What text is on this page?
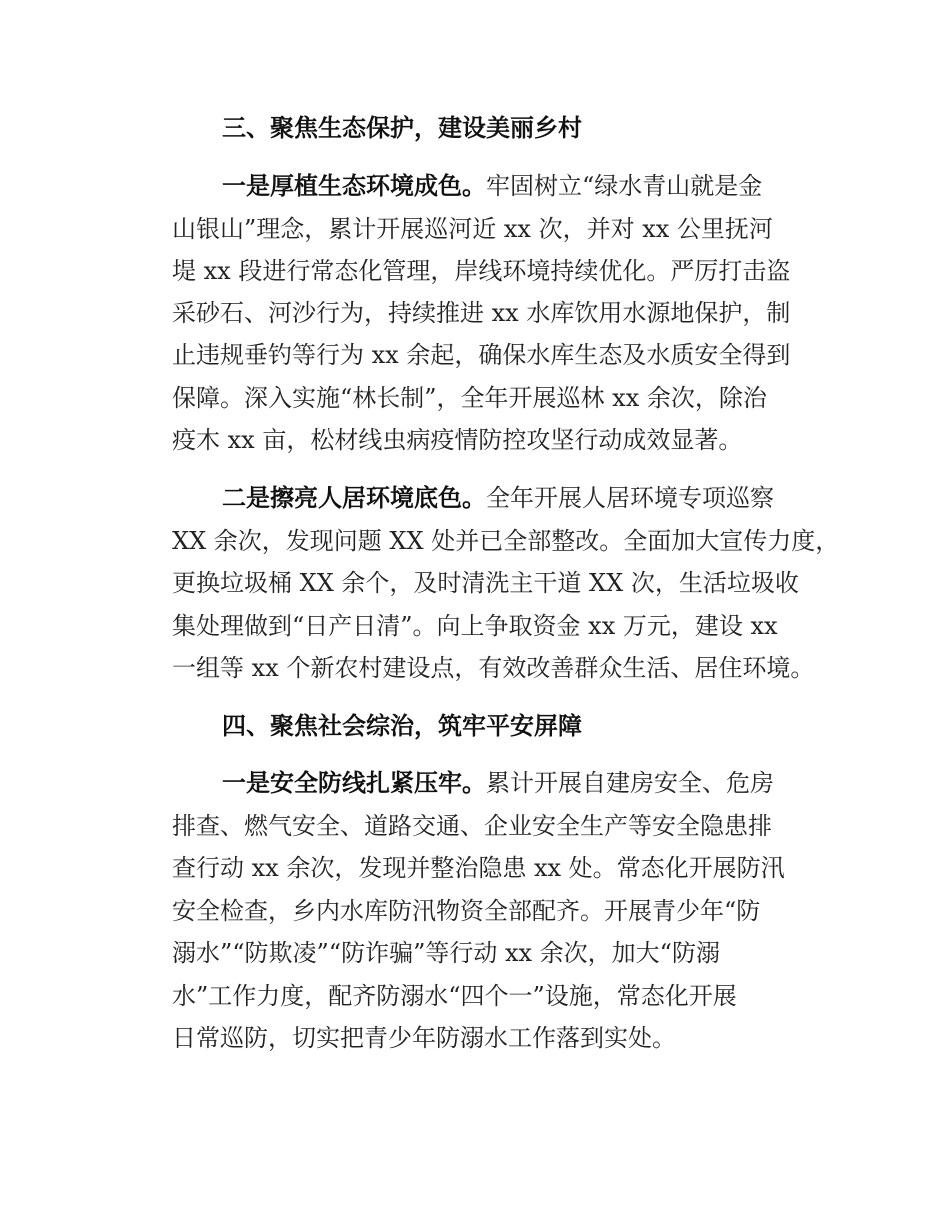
三、聚焦生态保护，建设美丽乡村
一是厚植生态环境成色。牢固树立“绿水青山就是金
山银山”理念，累计开展巡河近 xx 次，并对 xx 公里抚河
堤 xx 段进行常态化管理，岸线环境持续优化。严厉打击盗
采砂石、河沙行为，持续推进 xx 水库饮用水源地保护，制
止违规垂钓等行为 xx 余起，确保水库生态及水质安全得到
保障。深入实施“林长制”，全年开展巡林 xx 余次，除治
疫木 xx 亩，松材线虫病疫情防控攻坚行动成效显著。
二是擦亮人居环境底色。全年开展人居环境专项巡察
XX 余次，发现问题 XX 处并已全部整改。全面加大宣传力度，
更换垃圾桶 XX 余个，及时清洗主干道 XX 次，生活垃圾收
集处理做到“日产日清”。向上争取资金 xx 万元，建设 xx
一组等 xx 个新农村建设点，有效改善群众生活、居住环境。
四、聚焦社会综治，筑牢平安屏障
一是安全防线扎紧压牢。累计开展自建房安全、危房
排查、燃气安全、道路交通、企业安全生产等安全隐患排
查行动 xx 余次，发现并整治隐患 xx 处。常态化开展防汛
安全检查，乡内水库防汛物资全部配齐。开展青少年“防
溺水”“防欺凌”“防诈骗”等行动 xx 余次，加大“防溺
水”工作力度，配齐防溺水“四个一”设施，常态化开展
日常巡防，切实把青少年防溺水工作落到实处。
